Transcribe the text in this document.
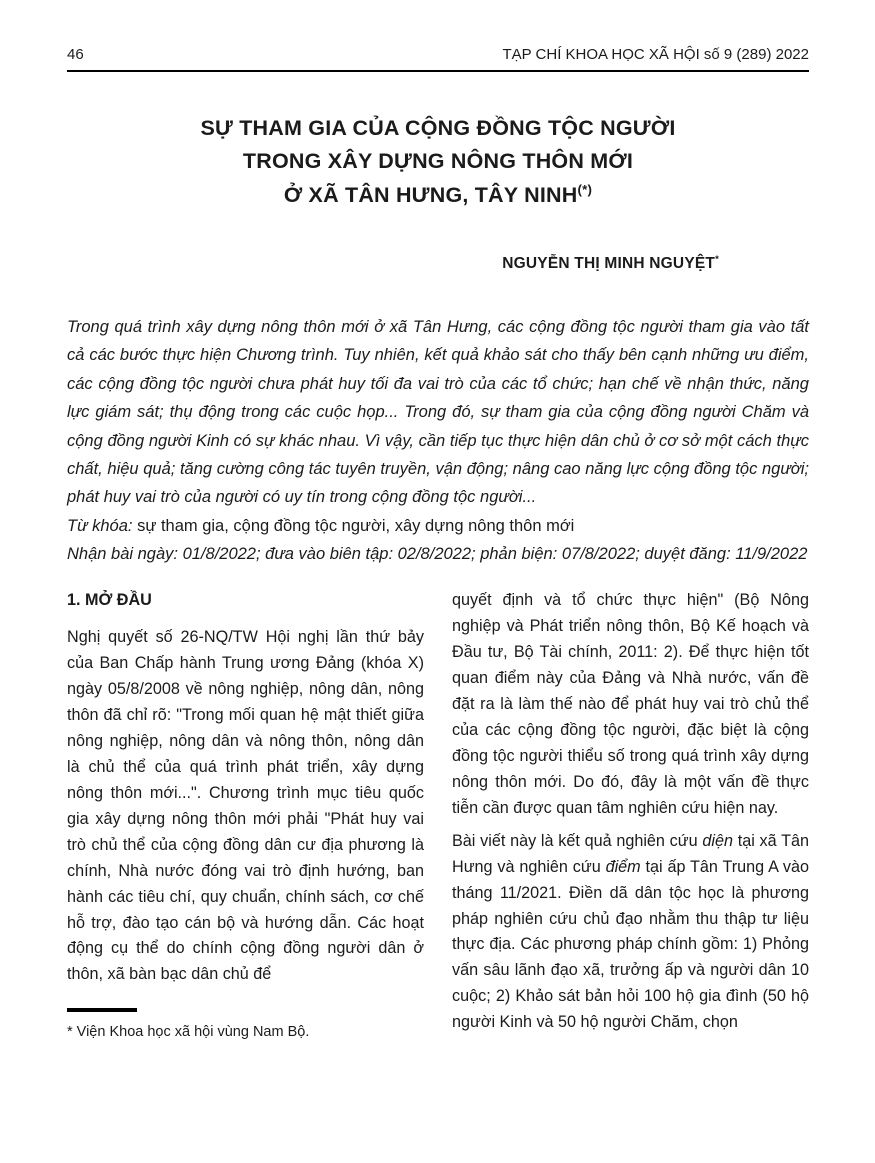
46	TẠP CHÍ KHOA HỌC XÃ HỘI số 9 (289) 2022
SỰ THAM GIA CỦA CỘNG ĐỒNG TỘC NGƯỜI
TRONG XÂY DỰNG NÔNG THÔN MỚI
Ở XÃ TÂN HƯNG, TÂY NINH(*)
NGUYỄN THỊ MINH NGUYỆT*

Trong quá trình xây dựng nông thôn mới ở xã Tân Hưng, các cộng đồng tộc người tham gia vào tất cả các bước thực hiện Chương trình. Tuy nhiên, kết quả khảo sát cho thấy bên cạnh những ưu điểm, các cộng đồng tộc người chưa phát huy tối đa vai trò của các tổ chức; hạn chế về nhận thức, năng lực giám sát; thụ động trong các cuộc họp... Trong đó, sự tham gia của cộng đồng người Chăm và cộng đồng người Kinh có sự khác nhau. Vì vậy, cần tiếp tục thực hiện dân chủ ở cơ sở một cách thực chất, hiệu quả; tăng cường công tác tuyên truyền, vận động; nâng cao năng lực cộng đồng tộc người; phát huy vai trò của người có uy tín trong cộng đồng tộc người...

Từ khóa: sự tham gia, cộng đồng tộc người, xây dựng nông thôn mới

Nhận bài ngày: 01/8/2022; đưa vào biên tập: 02/8/2022; phản biện: 07/8/2022; duyệt đăng: 11/9/2022

1. MỞ ĐẦU

Nghị quyết số 26-NQ/TW Hội nghị lần thứ bảy của Ban Chấp hành Trung ương Đảng (khóa X) ngày 05/8/2008 về nông nghiệp, nông dân, nông thôn đã chỉ rõ: "Trong mối quan hệ mật thiết giữa nông nghiệp, nông dân và nông thôn, nông dân là chủ thể của quá trình phát triển, xây dựng nông thôn mới...". Chương trình mục tiêu quốc gia xây dựng nông thôn mới phải "Phát huy vai trò chủ thể của cộng đồng dân cư địa phương là chính, Nhà nước đóng vai trò định hướng, ban hành các tiêu chí, quy chuẩn, chính sách, cơ chế hỗ trợ, đào tạo cán bộ và hướng dẫn. Các hoạt động cụ thể do chính cộng đồng người dân ở thôn, xã bàn bạc dân chủ để

* Viện Khoa học xã hội vùng Nam Bộ.

quyết định và tổ chức thực hiện" (Bộ Nông nghiệp và Phát triển nông thôn, Bộ Kế hoạch và Đầu tư, Bộ Tài chính, 2011: 2). Để thực hiện tốt quan điểm này của Đảng và Nhà nước, vấn đề đặt ra là làm thế nào để phát huy vai trò chủ thể của các cộng đồng tộc người, đặc biệt là cộng đồng tộc người thiểu số trong quá trình xây dựng nông thôn mới. Do đó, đây là một vấn đề thực tiễn cần được quan tâm nghiên cứu hiện nay.

Bài viết này là kết quả nghiên cứu diện tại xã Tân Hưng và nghiên cứu điểm tại ấp Tân Trung A vào tháng 11/2021. Điền dã dân tộc học là phương pháp nghiên cứu chủ đạo nhằm thu thập tư liệu thực địa. Các phương pháp chính gồm: 1) Phỏng vấn sâu lãnh đạo xã, trưởng ấp và người dân 10 cuộc; 2) Khảo sát bản hỏi 100 hộ gia đình (50 hộ người Kinh và 50 hộ người Chăm, chọn
